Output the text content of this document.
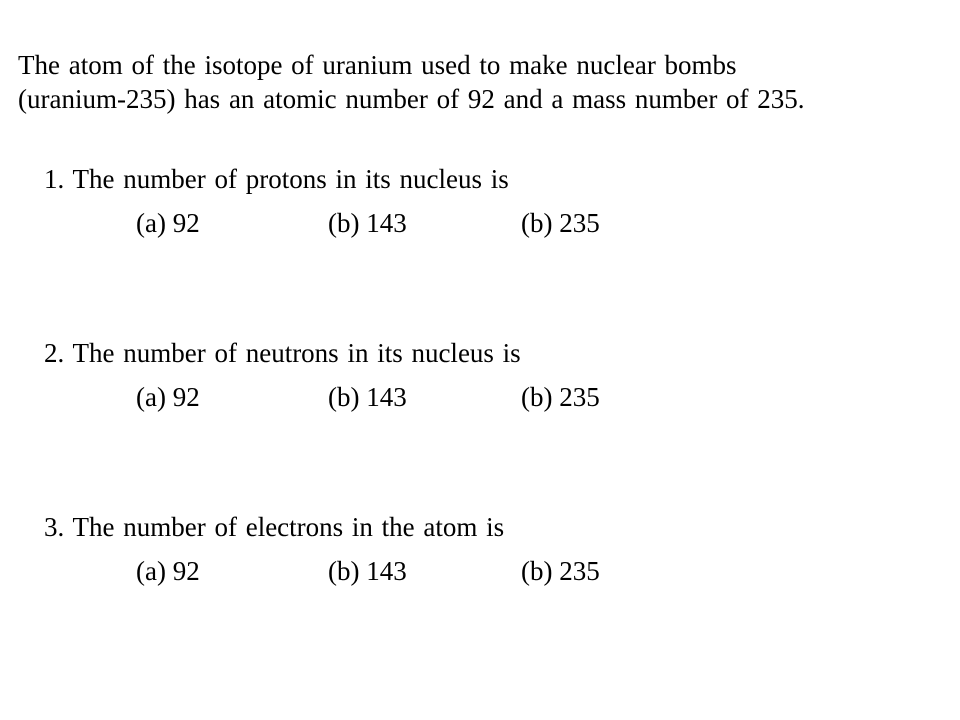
The atom of the isotope of uranium used to make nuclear bombs
(uranium-235) has an atomic number of 92 and a mass number of 235.
1. The number of protons in its nucleus is
(a) 92	(b) 143	(b) 235
2. The number of neutrons in its nucleus is
(a) 92	(b) 143	(b) 235
3. The number of electrons in the atom is
(a) 92	(b) 143	(b) 235
